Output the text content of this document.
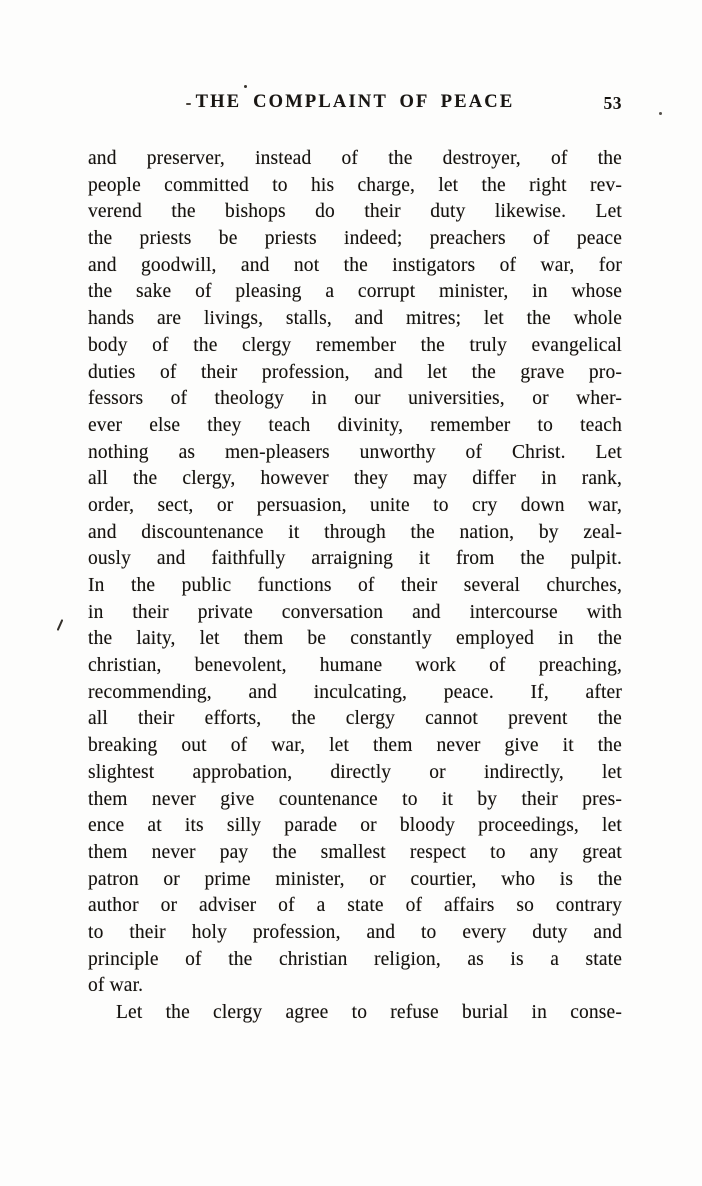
THE COMPLAINT OF PEACE	53
and preserver, instead of the destroyer, of the
people committed to his charge, let the right rev-
verend the bishops do their duty likewise. Let
the priests be priests indeed; preachers of peace
and goodwill, and not the instigators of war, for
the sake of pleasing a corrupt minister, in whose
hands are livings, stalls, and mitres; let the whole
body of the clergy remember the truly evangelical
duties of their profession, and let the grave pro-
fessors of theology in our universities, or wher-
ever else they teach divinity, remember to teach
nothing as men-pleasers unworthy of Christ. Let
all the clergy, however they may differ in rank,
order, sect, or persuasion, unite to cry down war,
and discountenance it through the nation, by zeal-
ously and faithfully arraigning it from the pulpit.
In the public functions of their several churches,
in their private conversation and intercourse with
the laity, let them be constantly employed in the
christian, benevolent, humane work of preaching,
recommending, and inculcating, peace. If, after
all their efforts, the clergy cannot prevent the
breaking out of war, let them never give it the
slightest approbation, directly or indirectly, let
them never give countenance to it by their pres-
ence at its silly parade or bloody proceedings, let
them never pay the smallest respect to any great
patron or prime minister, or courtier, who is the
author or adviser of a state of affairs so contrary
to their holy profession, and to every duty and
principle of the christian religion, as is a state
of war.
Let the clergy agree to refuse burial in conse-
